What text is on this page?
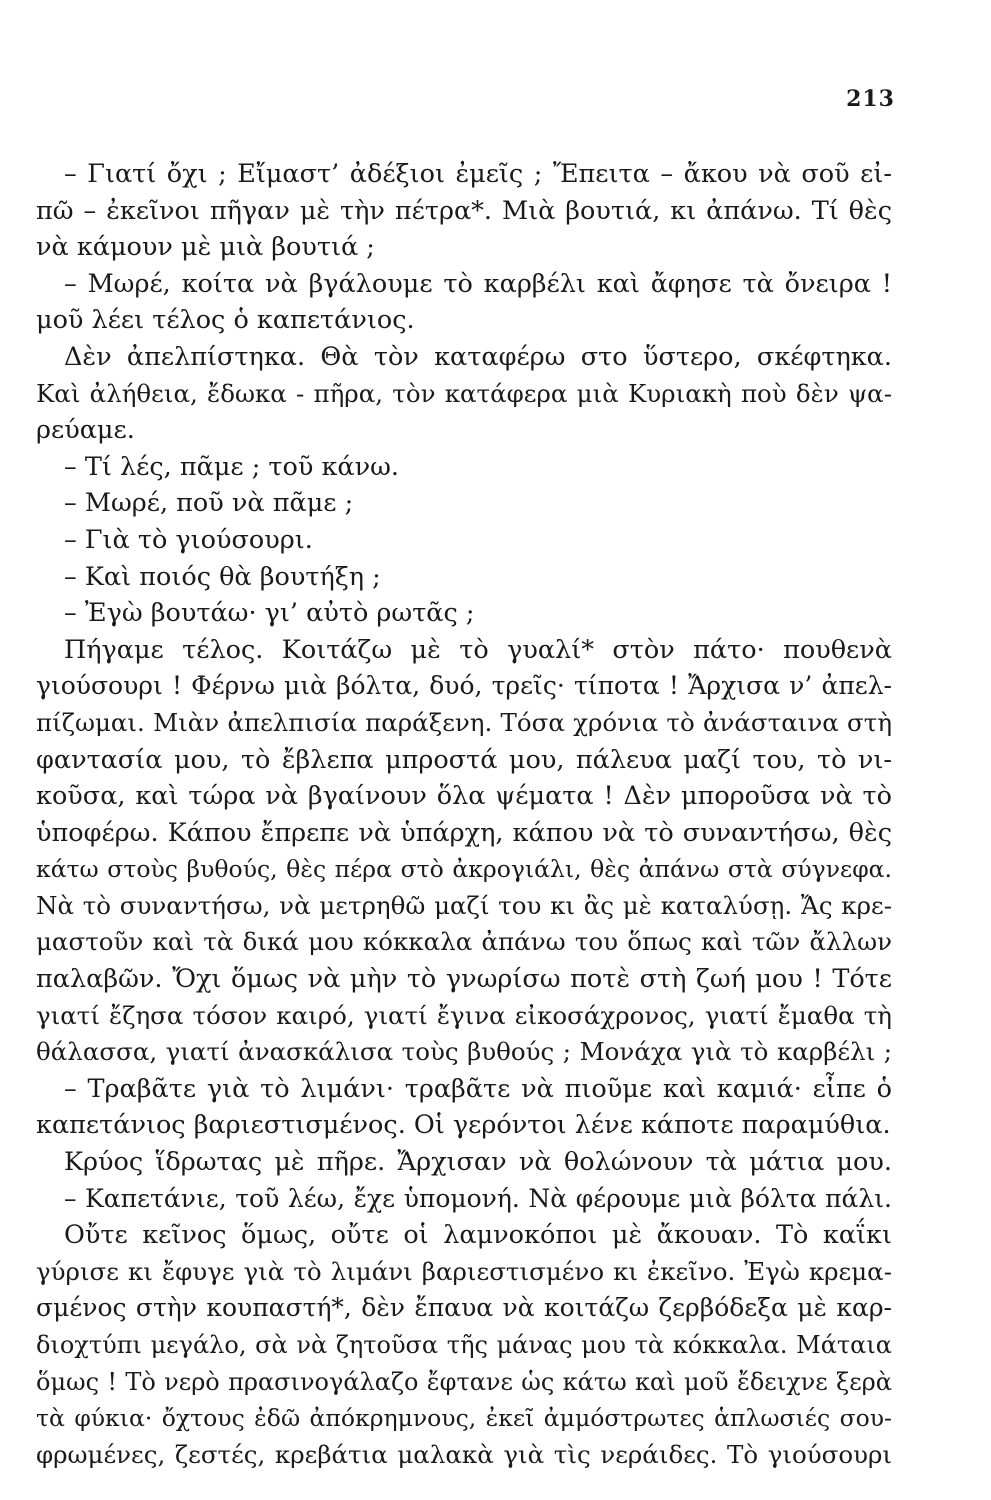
213
– Γιατί ὄχι ; Εἴμαστ’ ἀδέξιοι ἐμεῖς ; Ἔπειτα – ἄκου νὰ σοῦ εἰ-
πῶ – ἐκεῖνοι πῆγαν μὲ τὴν πέτρα*. Μιὰ βουτιά, κι ἀπάνω. Τί θὲς
νὰ κάμουν μὲ μιὰ βουτιά ;
– Μωρέ, κοίτα νὰ βγάλουμε τὸ καρβέλι καὶ ἄφησε τὰ ὄνειρα !
μοῦ λέει τέλος ὁ καπετάνιος.
Δὲν ἀπελπίστηκα. Θὰ τὸν καταφέρω στο ὕστερο, σκέφτηκα.
Καὶ ἀλήθεια, ἔδωκα - πῆρα, τὸν κατάφερα μιὰ Κυριακὴ ποὺ δὲν ψα-
ρεύαμε.
– Τί λές, πᾶμε ; τοῦ κάνω.
– Μωρέ, ποῦ νὰ πᾶμε ;
– Γιὰ τὸ γιούσουρι.
– Καὶ ποιός θὰ βουτήξη ;
– Ἐγὼ βουτάω· γι’ αὐτὸ ρωτᾶς ;
Πήγαμε τέλος. Κοιτάζω μὲ τὸ γυαλί* στὸν πάτο· πουθενὰ
γιούσουρι ! Φέρνω μιὰ βόλτα, δυό, τρεῖς· τίποτα ! Ἄρχισα ν’ ἀπελ-
πίζωμαι. Μιὰν ἀπελπισία παράξενη. Τόσα χρόνια τὸ ἀνάσταινα στὴ
φαντασία μου, τὸ ἔβλεπα μπροστά μου, πάλευα μαζί του, τὸ νι-
κοῦσα, καὶ τώρα νὰ βγαίνουν ὅλα ψέματα ! Δὲν μποροῦσα νὰ τὸ
ὑποφέρω. Κάπου ἔπρεπε νὰ ὑπάρχη, κάπου νὰ τὸ συναντήσω, θὲς
κάτω στοὺς βυθούς, θὲς πέρα στὸ ἀκρογιάλι, θὲς ἀπάνω στὰ σύγνεφα.
Νὰ τὸ συναντήσω, νὰ μετρηθῶ μαζί του κι ἂς μὲ καταλύσῃ. Ἄς κρε-
μαστοῦν καὶ τὰ δικά μου κόκκαλα ἀπάνω του ὅπως καὶ τῶν ἄλλων
παλαβῶν. Ὄχι ὅμως νὰ μὴν τὸ γνωρίσω ποτὲ στὴ ζωή μου ! Τότε
γιατί ἔζησα τόσον καιρό, γιατί ἔγινα εἰκοσάχρονος, γιατί ἔμαθα τὴ
θάλασσα, γιατί ἀνασκάλισα τοὺς βυθούς ; Μονάχα γιὰ τὸ καρβέλι ;
– Τραβᾶτε γιὰ τὸ λιμάνι· τραβᾶτε νὰ πιοῦμε καὶ καμιά· εἶπε ὁ
καπετάνιος βαριεστισμένος. Οἱ γερόντοι λένε κάποτε παραμύθια.
Κρύος ἵδρωτας μὲ πῆρε. Ἄρχισαν νὰ θολώνουν τὰ μάτια μου.
– Καπετάνιε, τοῦ λέω, ἔχε ὑπομονή. Νὰ φέρουμε μιὰ βόλτα πάλι.
Οὔτε κεῖνος ὅμως, οὔτε οἱ λαμνοκόποι μὲ ἄκουαν. Τὸ καΐκι
γύρισε κι ἔφυγε γιὰ τὸ λιμάνι βαριεστισμένο κι ἐκεῖνο. Ἐγὼ κρεμα-
σμένος στὴν κουπαστή*, δὲν ἔπαυα νὰ κοιτάζω ζερβόδεξα μὲ καρ-
διοχτύπι μεγάλο, σὰ νὰ ζητοῦσα τῆς μάνας μου τὰ κόκκαλα. Μάταια
ὅμως ! Τὸ νερὸ πρασινογάλαζο ἔφτανε ὡς κάτω καὶ μοῦ ἔδειχνε ξερὰ
τὰ φύκια· ὄχτους ἐδῶ ἀπόκρημνους, ἐκεῖ ἀμμόστρωτες ἁπλωσιές σου-
φρωμένες, ζεστές, κρεβάτια μαλακὰ γιὰ τὶς νεράιδες. Τὸ γιούσουρι
